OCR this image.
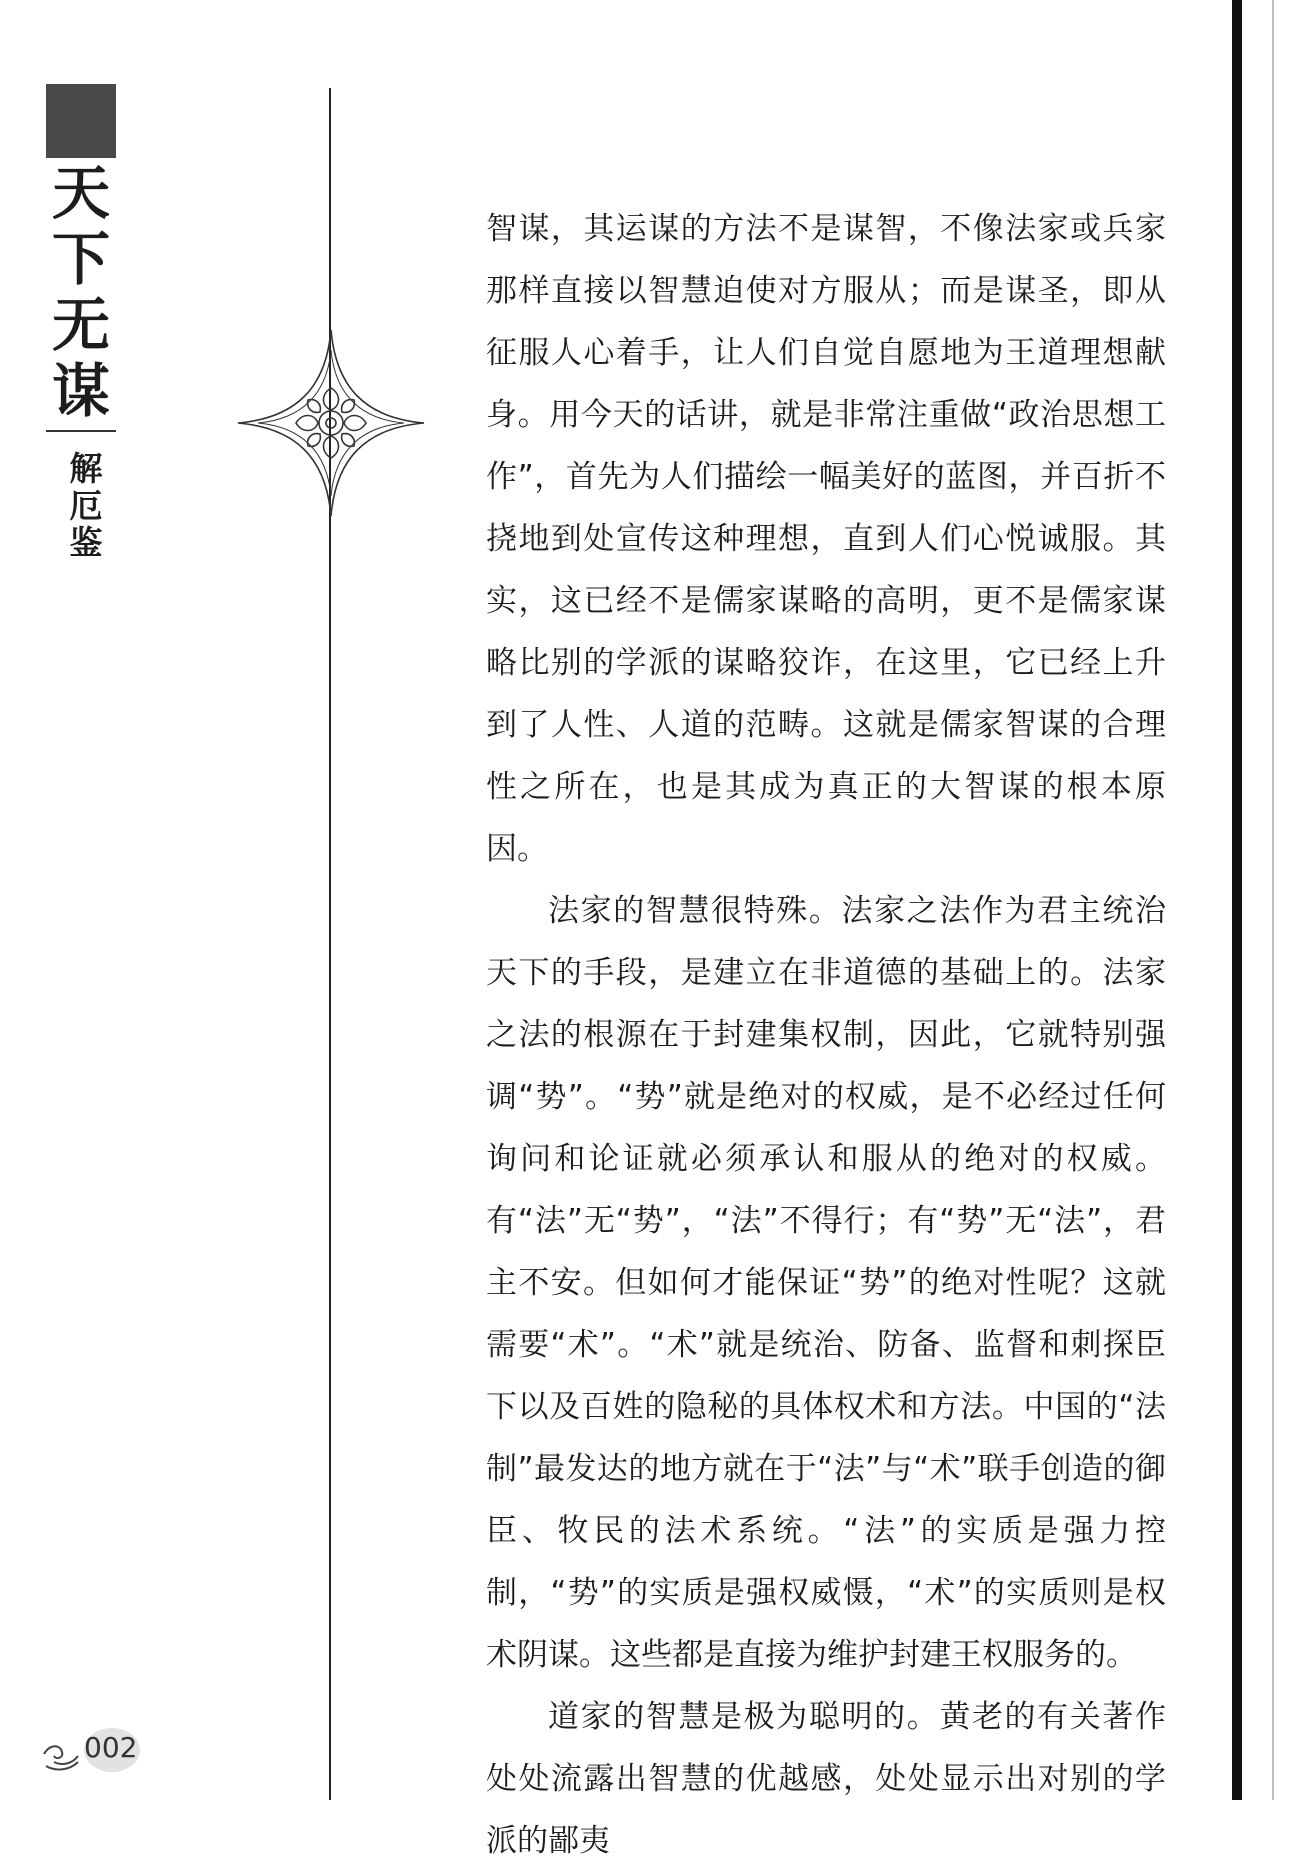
天下无谋
解厄鉴

智谋，其运谋的方法不是谋智，不像法家或兵家那样直接以智慧迫使对方服从；而是谋圣，即从征服人心着手，让人们自觉自愿地为王道理想献身。用今天的话讲，就是非常注重做“政治思想工作”，首先为人们描绘一幅美好的蓝图，并百折不挠地到处宣传这种理想，直到人们心悦诚服。其实，这已经不是儒家谋略的高明，更不是儒家谋略比别的学派的谋略狡诈，在这里，它已经上升到了人性、人道的范畴。这就是儒家智谋的合理性之所在，也是其成为真正的大智谋的根本原因。

法家的智慧很特殊。法家之法作为君主统治天下的手段，是建立在非道德的基础上的。法家之法的根源在于封建集权制，因此，它就特别强调“势”。“势”就是绝对的权威，是不必经过任何询问和论证就必须承认和服从的绝对的权威。有“法”无“势”，“法”不得行；有“势”无“法”，君主不安。但如何才能保证“势”的绝对性呢？这就需要“术”。“术”就是统治、防备、监督和刺探臣下以及百姓的隐秘的具体权术和方法。中国的“法制”最发达的地方就在于“法”与“术”联手创造的御臣、牧民的法术系统。“法”的实质是强力控制，“势”的实质是强权威慑，“术”的实质则是权术阴谋。这些都是直接为维护封建王权服务的。

道家的智慧是极为聪明的。黄老的有关著作处处流露出智慧的优越感，处处显示出对别的学派的鄙夷

002
